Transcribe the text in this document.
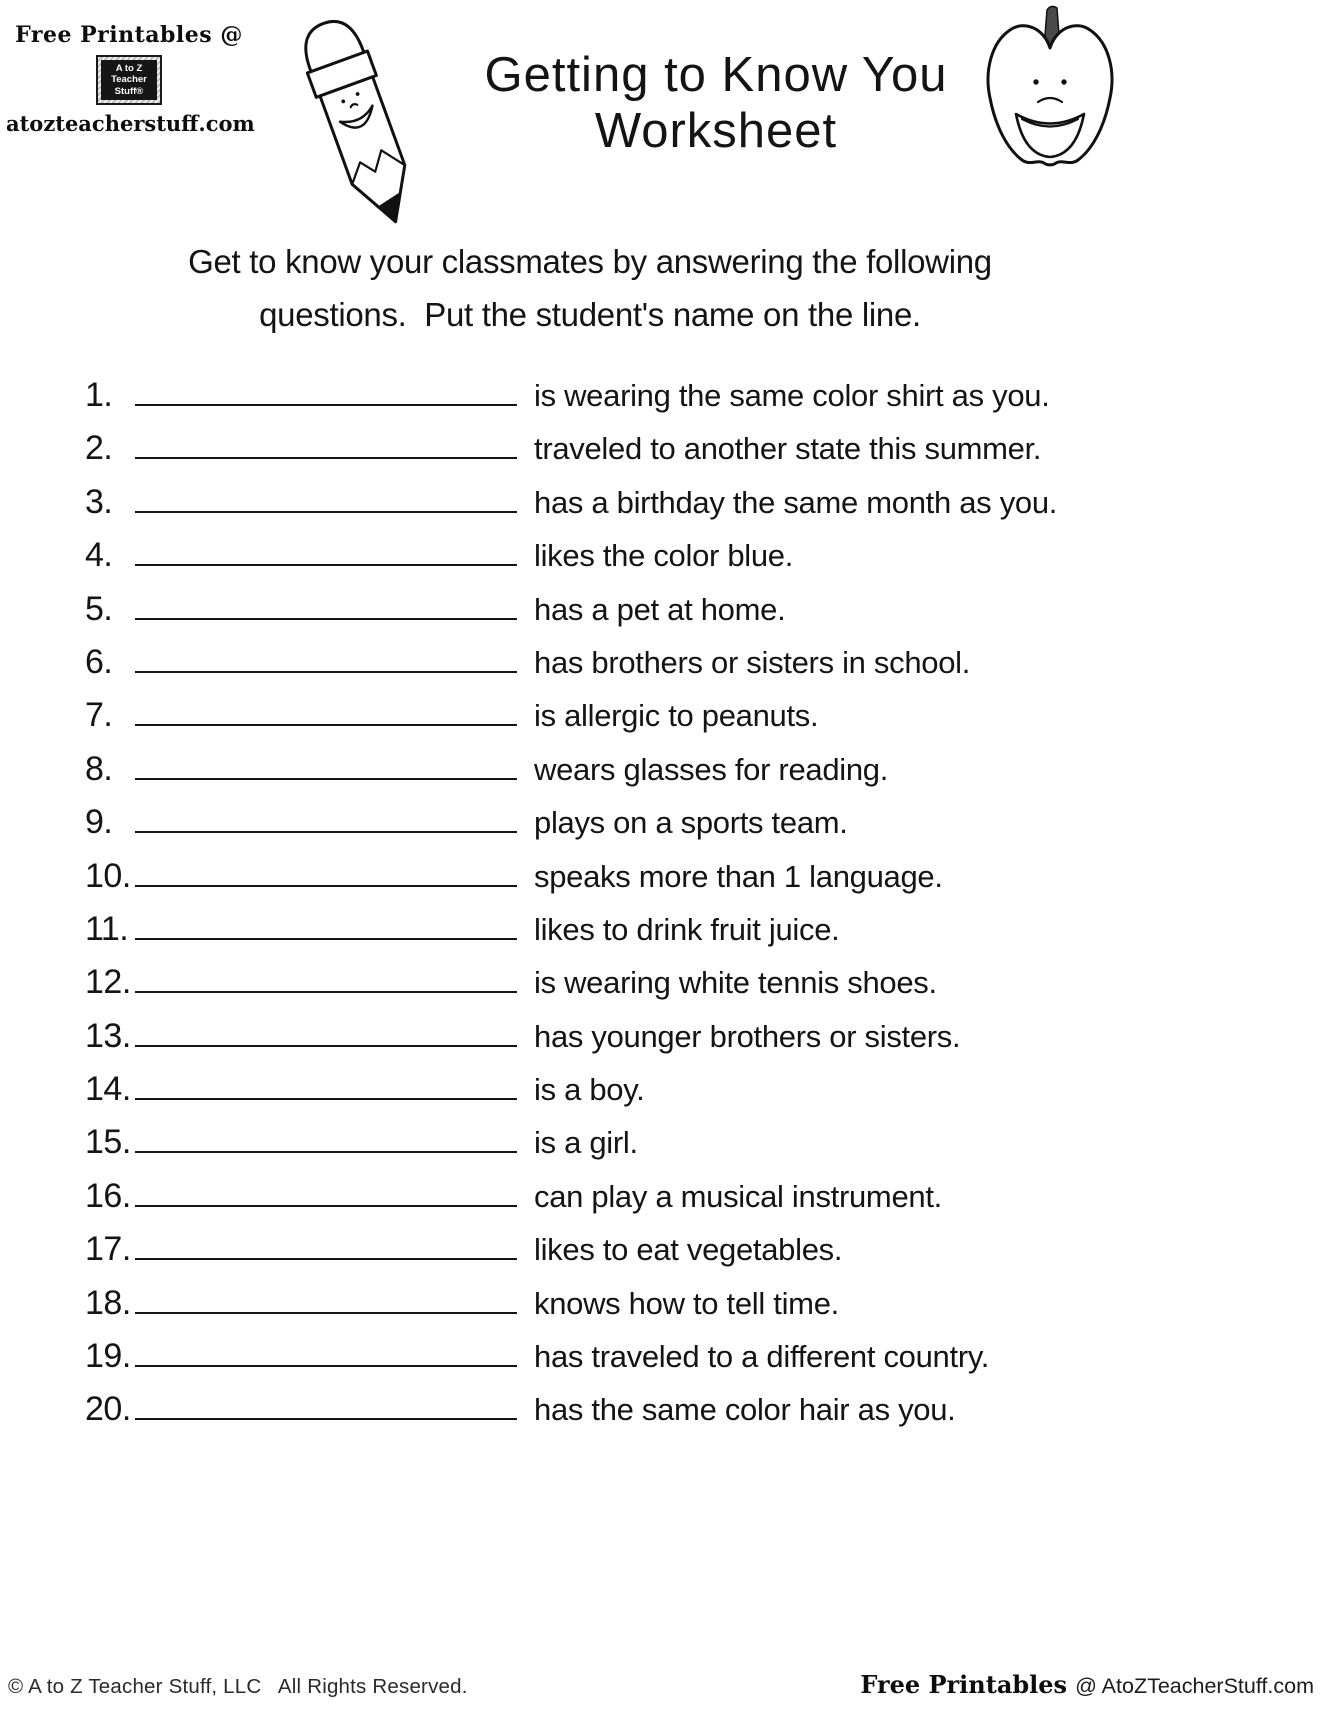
Free Printables @
A to Z
Teacher
Stuff®
atozteacherstuff.com
Getting to Know You
Worksheet
Get to know your classmates by answering the following
questions.  Put the student's name on the line.
1.	is wearing the same color shirt as you.
2.	traveled to another state this summer.
3.	has a birthday the same month as you.
4.	likes the color blue.
5.	has a pet at home.
6.	has brothers or sisters in school.
7.	is allergic to peanuts.
8.	wears glasses for reading.
9.	plays on a sports team.
10.	speaks more than 1 language.
11.	likes to drink fruit juice.
12.	is wearing white tennis shoes.
13.	has younger brothers or sisters.
14.	is a boy.
15.	is a girl.
16.	can play a musical instrument.
17.	likes to eat vegetables.
18.	knows how to tell time.
19.	has traveled to a different country.
20.	has the same color hair as you.
© A to Z Teacher Stuff, LLC   All Rights Reserved.	Free Printables @ AtoZTeacherStuff.com
